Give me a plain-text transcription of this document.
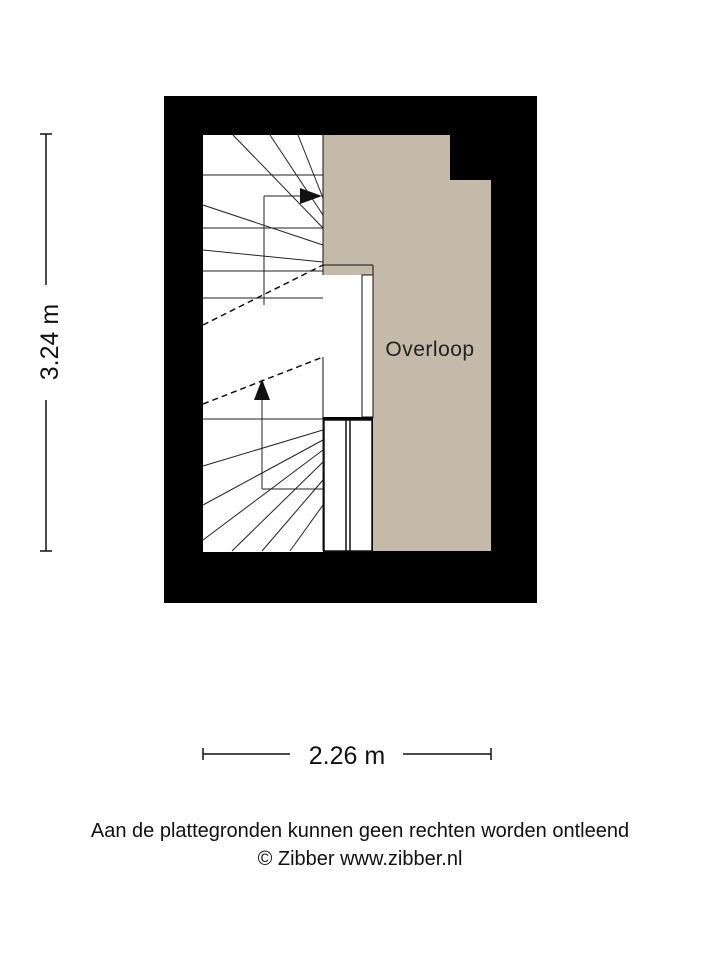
Overloop
3.24 m
2.26 m
Aan de plattegronden kunnen geen rechten worden ontleend
© Zibber www.zibber.nl
